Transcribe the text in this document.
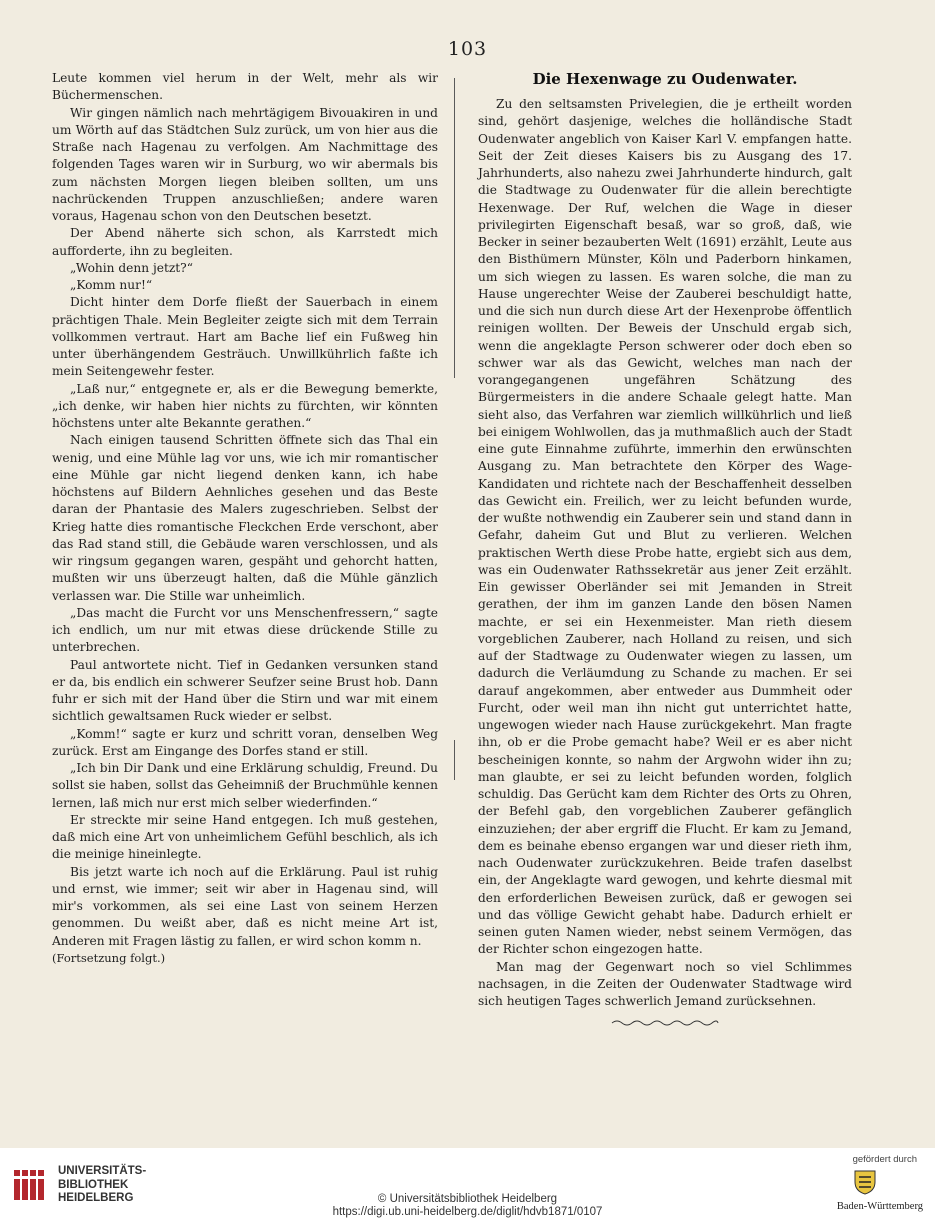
103

Leute kommen viel herum in der Welt, mehr als wir Büchermenschen.

Wir gingen nämlich nach mehrtägigem Bivouakiren in und um Wörth auf das Städtchen Sulz zurück, um von hier aus die Straße nach Hagenau zu verfolgen. Am Nachmittage des folgenden Tages waren wir in Surburg, wo wir abermals bis zum nächsten Morgen liegen bleiben sollten, um uns nachrückenden Truppen anzuschließen; andere waren voraus, Hagenau schon von den Deutschen besetzt.

Der Abend näherte sich schon, als Karrstedt mich aufforderte, ihn zu begleiten.

„Wohin denn jetzt?“

„Komm nur!“

Dicht hinter dem Dorfe fließt der Sauerbach in einem prächtigen Thale. Mein Begleiter zeigte sich mit dem Terrain vollkommen vertraut. Hart am Bache lief ein Fußweg hin unter überhängendem Gesträuch. Unwillkührlich faßte ich mein Seitengewehr fester.

„Laß nur,“ entgegnete er, als er die Bewegung bemerkte, „ich denke, wir haben hier nichts zu fürchten, wir könnten höchstens unter alte Bekannte gerathen.“

Nach einigen tausend Schritten öffnete sich das Thal ein wenig, und eine Mühle lag vor uns, wie ich mir romantischer eine Mühle gar nicht liegend denken kann, ich habe höchstens auf Bildern Aehnliches gesehen und das Beste daran der Phantasie des Malers zugeschrieben. Selbst der Krieg hatte dies romantische Fleckchen Erde verschont, aber das Rad stand still, die Gebäude waren verschlossen, und als wir ringsum gegangen waren, gespäht und gehorcht hatten, mußten wir uns überzeugt halten, daß die Mühle gänzlich verlassen war. Die Stille war unheimlich.

„Das macht die Furcht vor uns Menschenfressern,“ sagte ich endlich, um nur mit etwas diese drückende Stille zu unterbrechen.

Paul antwortete nicht. Tief in Gedanken versunken stand er da, bis endlich ein schwerer Seufzer seine Brust hob. Dann fuhr er sich mit der Hand über die Stirn und war mit einem sichtlich gewaltsamen Ruck wieder er selbst.

„Komm!“ sagte er kurz und schritt voran, denselben Weg zurück. Erst am Eingange des Dorfes stand er still.

„Ich bin Dir Dank und eine Erklärung schuldig, Freund. Du sollst sie haben, sollst das Geheimniß der Bruchmühle kennen lernen, laß mich nur erst mich selber wiederfinden.“

Er streckte mir seine Hand entgegen. Ich muß gestehen, daß mich eine Art von unheimlichem Gefühl beschlich, als ich die meinige hineinlegte.

Bis jetzt warte ich noch auf die Erklärung. Paul ist ruhig und ernst, wie immer; seit wir aber in Hagenau sind, will mir's vorkommen, als sei eine Last von seinem Herzen genommen. Du weißt aber, daß es nicht meine Art ist, Anderen mit Fragen lästig zu fallen, er wird schon komm n.

(Fortsetzung folgt.)

Die Hexenwage zu Oudenwater.

Zu den seltsamsten Privelegien, die je ertheilt worden sind, gehört dasjenige, welches die holländische Stadt Oudenwater angeblich von Kaiser Karl V. empfangen hatte. Seit der Zeit dieses Kaisers bis zu Ausgang des 17. Jahrhunderts, also nahezu zwei Jahrhunderte hindurch, galt die Stadtwage zu Oudenwater für die allein berechtigte Hexenwage. Der Ruf, welchen die Wage in dieser privilegirten Eigenschaft besaß, war so groß, daß, wie Becker in seiner bezauberten Welt (1691) erzählt, Leute aus den Bisthümern Münster, Köln und Paderborn hinkamen, um sich wiegen zu lassen. Es waren solche, die man zu Hause ungerechter Weise der Zauberei beschuldigt hatte, und die sich nun durch diese Art der Hexenprobe öffentlich reinigen wollten. Der Beweis der Unschuld ergab sich, wenn die angeklagte Person schwerer oder doch eben so schwer war als das Gewicht, welches man nach der vorangegangenen ungefähren Schätzung des Bürgermeisters in die andere Schaale gelegt hatte. Man sieht also, das Verfahren war ziemlich willkührlich und ließ bei einigem Wohlwollen, das ja muthmaßlich auch der Stadt eine gute Einnahme zuführte, immerhin den erwünschten Ausgang zu. Man betrachtete den Körper des Wage-Kandidaten und richtete nach der Beschaffenheit desselben das Gewicht ein. Freilich, wer zu leicht befunden wurde, der wußte nothwendig ein Zauberer sein und stand dann in Gefahr, daheim Gut und Blut zu verlieren. Welchen praktischen Werth diese Probe hatte, ergiebt sich aus dem, was ein Oudenwater Rathssekretär aus jener Zeit erzählt. Ein gewisser Oberländer sei mit Jemanden in Streit gerathen, der ihm im ganzen Lande den bösen Namen machte, er sei ein Hexenmeister. Man rieth diesem vorgeblichen Zauberer, nach Holland zu reisen, und sich auf der Stadtwage zu Oudenwater wiegen zu lassen, um dadurch die Verläumdung zu Schande zu machen. Er sei darauf angekommen, aber entweder aus Dummheit oder Furcht, oder weil man ihn nicht gut unterrichtet hatte, ungewogen wieder nach Hause zurückgekehrt. Man fragte ihn, ob er die Probe gemacht habe? Weil er es aber nicht bescheinigen konnte, so nahm der Argwohn wider ihn zu; man glaubte, er sei zu leicht befunden worden, folglich schuldig. Das Gerücht kam dem Richter des Orts zu Ohren, der Befehl gab, den vorgeblichen Zauberer gefänglich einzuziehen; der aber ergriff die Flucht. Er kam zu Jemand, dem es beinahe ebenso ergangen war und dieser rieth ihm, nach Oudenwater zurückzukehren. Beide trafen daselbst ein, der Angeklagte ward gewogen, und kehrte diesmal mit den erforderlichen Beweisen zurück, daß er gewogen sei und das völlige Gewicht gehabt habe. Dadurch erhielt er seinen guten Namen wieder, nebst seinem Vermögen, das der Richter schon eingezogen hatte.

Man mag der Gegenwart noch so viel Schlimmes nachsagen, in die Zeiten der Oudenwater Stadtwage wird sich heutigen Tages schwerlich Jemand zurücksehnen.

UNIVERSITÄTS-
BIBLIOTHEK
HEIDELBERG	© Universitätsbibliothek Heidelberg
https://digi.ub.uni-heidelberg.de/diglit/hdvb1871/0107
gefördert durch
Baden-Württemberg
